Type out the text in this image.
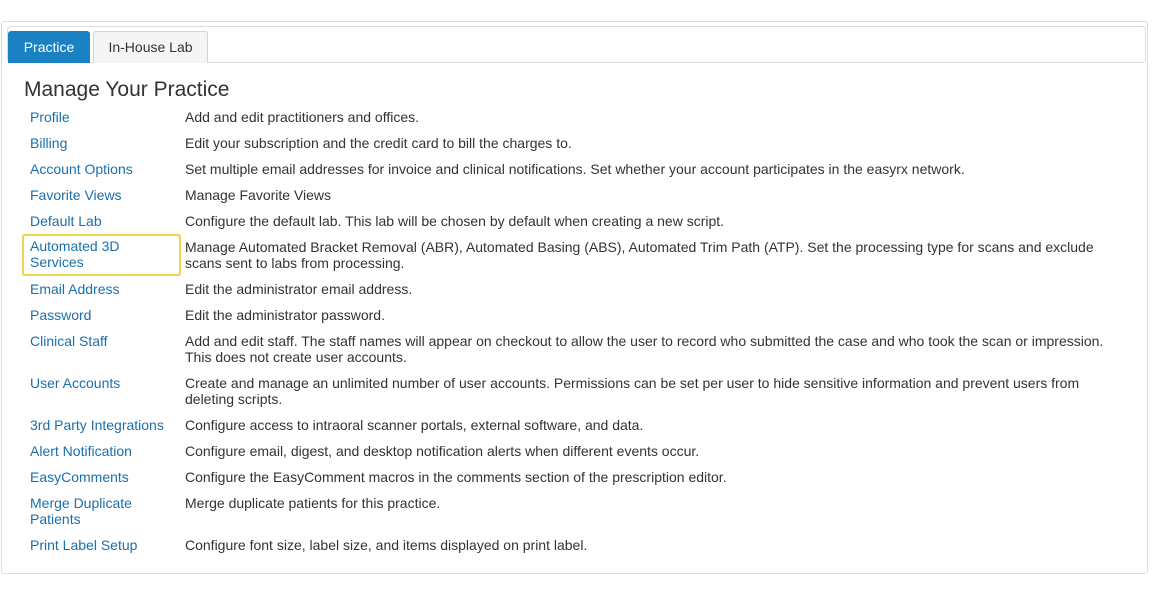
Practice	In-House Lab
Manage Your Practice
Profile	Add and edit practitioners and offices.
Billing	Edit your subscription and the credit card to bill the charges to.
Account Options	Set multiple email addresses for invoice and clinical notifications. Set whether your account participates in the easyrx network.
Favorite Views	Manage Favorite Views
Default Lab	Configure the default lab. This lab will be chosen by default when creating a new script.
Automated 3D Services	Manage Automated Bracket Removal (ABR), Automated Basing (ABS), Automated Trim Path (ATP). Set the processing type for scans and exclude scans sent to labs from processing.
Email Address	Edit the administrator email address.
Password	Edit the administrator password.
Clinical Staff	Add and edit staff. The staff names will appear on checkout to allow the user to record who submitted the case and who took the scan or impression. This does not create user accounts.
User Accounts	Create and manage an unlimited number of user accounts. Permissions can be set per user to hide sensitive information and prevent users from deleting scripts.
3rd Party Integrations	Configure access to intraoral scanner portals, external software, and data.
Alert Notification	Configure email, digest, and desktop notification alerts when different events occur.
EasyComments	Configure the EasyComment macros in the comments section of the prescription editor.
Merge Duplicate Patients	Merge duplicate patients for this practice.
Print Label Setup	Configure font size, label size, and items displayed on print label.
